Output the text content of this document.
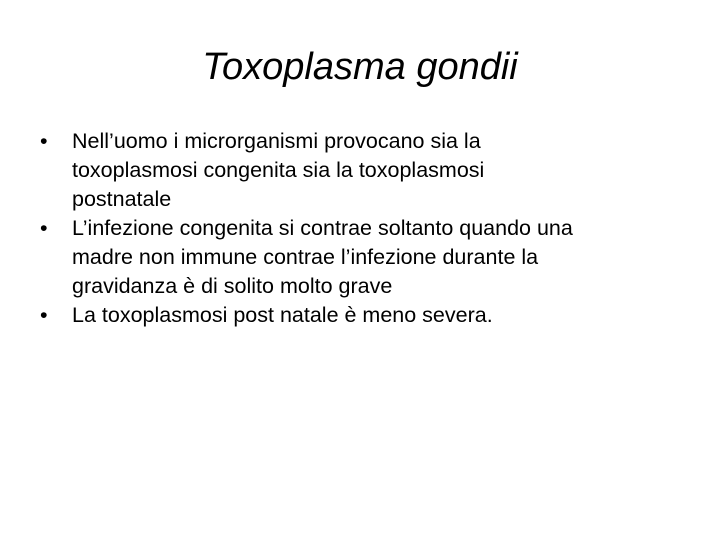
Toxoplasma gondii
•	Nell’uomo i microrganismi provocano sia la
toxoplasmosi congenita sia la toxoplasmosi
postnatale
•	L’infezione congenita si contrae soltanto quando una
madre non immune contrae l’infezione durante la
gravidanza è di solito molto grave
•	La toxoplasmosi post natale è meno severa.
